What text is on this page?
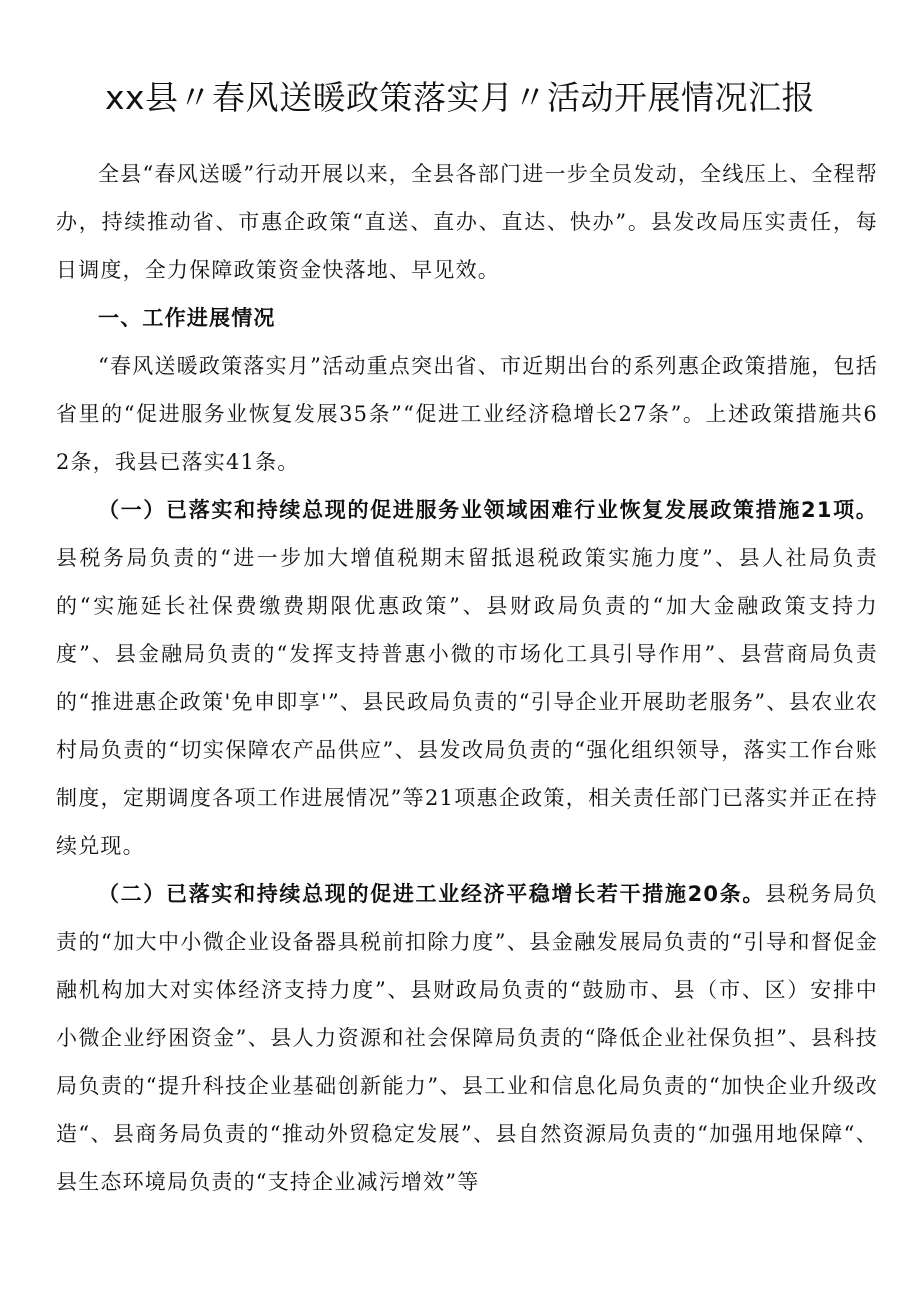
xx县〃春风送暖政策落实月〃活动开展情况汇报

全县“春风送暖”行动开展以来，全县各部门进一步全员发动，全线压上、全程帮办，持续推动省、市惠企政策“直送、直办、直达、快办”。县发改局压实责任，每日调度，全力保障政策资金快落地、早见效。

一、工作进展情况

“春风送暖政策落实月”活动重点突出省、市近期出台的系列惠企政策措施，包括省里的“促进服务业恢复发展35条”“促进工业经济稳增长27条”。上述政策措施共62条，我县已落实41条。

（一）已落实和持续总现的促进服务业领域困难行业恢复发展政策措施21项。县税务局负责的“进一步加大增值税期末留抵退税政策实施力度”、县人社局负责的“实施延长社保费缴费期限优惠政策”、县财政局负责的“加大金融政策支持力度”、县金融局负责的“发挥支持普惠小微的市场化工具引导作用”、县营商局负责的“推进惠企政策'免申即享'”、县民政局负责的“引导企业开展助老服务”、县农业农村局负责的“切实保障农产品供应”、县发改局负责的“强化组织领导，落实工作台账制度，定期调度各项工作进展情况”等21项惠企政策，相关责任部门已落实并正在持续兑现。

（二）已落实和持续总现的促进工业经济平稳增长若干措施20条。县税务局负责的“加大中小微企业设备器具税前扣除力度”、县金融发展局负责的“引导和督促金融机构加大对实体经济支持力度”、县财政局负责的“鼓励市、县（市、区）安排中小微企业纾困资金”、县人力资源和社会保障局负责的“降低企业社保负担”、县科技局负责的“提升科技企业基础创新能力”、县工业和信息化局负责的“加快企业升级改造“、县商务局负责的“推动外贸稳定发展”、县自然资源局负责的“加强用地保障“、县生态环境局负责的“支持企业减污增效”等
